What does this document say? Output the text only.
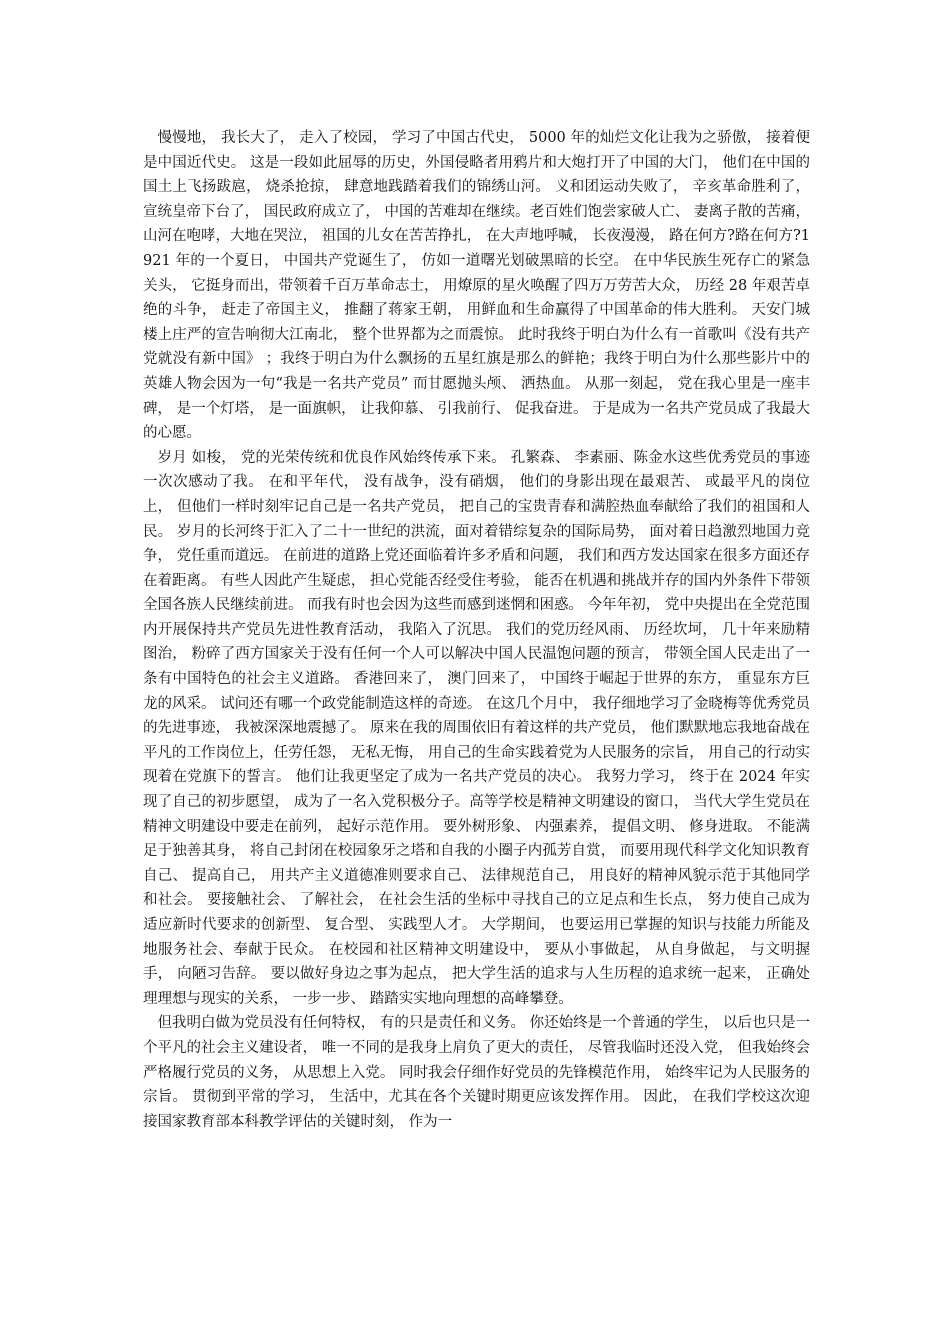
慢慢地， 我长大了， 走入了校园， 学习了中国古代史， 5000 年的灿烂文化让我为之骄傲， 接着便是中国近代史。 这是一段如此屈辱的历史，外国侵略者用鸦片和大炮打开了中国的大门， 他们在中国的国土上飞扬跋扈， 烧杀抢掠， 肆意地践踏着我们的锦绣山河。 义和团运动失败了， 辛亥革命胜利了， 宣统皇帝下台了， 国民政府成立了， 中国的苦难却在继续。老百姓们饱尝家破人亡、 妻离子散的苦痛， 山河在咆哮，大地在哭泣， 祖国的儿女在苦苦挣扎， 在大声地呼喊， 长夜漫漫， 路在何方?路在何方?1 921 年的一个夏日， 中国共产党诞生了， 仿如一道曙光划破黑暗的长空。 在中华民族生死存亡的紧急关头， 它挺身而出，带领着千百万革命志士， 用燎原的星火唤醒了四万万劳苦大众， 历经 28 年艰苦卓绝的斗争， 赶走了帝国主义， 推翻了蒋家王朝， 用鲜血和生命赢得了中国革命的伟大胜利。 天安门城楼上庄严的宣告响彻大江南北， 整个世界都为之而震惊。 此时我终于明白为什么有一首歌叫《没有共产党就没有新中国》 ；我终于明白为什么飘扬的五星红旗是那么的鲜艳；我终于明白为什么那些影片中的英雄人物会因为一句“我是一名共产党员” 而甘愿抛头颅、 洒热血。 从那一刻起， 党在我心里是一座丰碑， 是一个灯塔， 是一面旗帜， 让我仰慕、 引我前行、 促我奋进。 于是成为一名共产党员成了我最大的心愿。

岁月 如梭， 党的光荣传统和优良作风始终传承下来。 孔繁森、 李素丽、陈金水这些优秀党员的事迹一次次感动了我。 在和平年代， 没有战争，没有硝烟， 他们的身影出现在最艰苦、 或最平凡的岗位上， 但他们一样时刻牢记自己是一名共产党员， 把自己的宝贵青春和满腔热血奉献给了我们的祖国和人民。 岁月的长河终于汇入了二十一世纪的洪流，面对着错综复杂的国际局势， 面对着日趋激烈地国力竞争， 党任重而道远。 在前进的道路上党还面临着许多矛盾和问题， 我们和西方发达国家在很多方面还存在着距离。 有些人因此产生疑虑， 担心党能否经受住考验， 能否在机遇和挑战并存的国内外条件下带领全国各族人民继续前进。 而我有时也会因为这些而感到迷惘和困惑。 今年年初， 党中央提出在全党范围内开展保持共产党员先进性教育活动， 我陷入了沉思。 我们的党历经风雨、 历经坎坷， 几十年来励精图治， 粉碎了西方国家关于没有任何一个人可以解决中国人民温饱问题的预言， 带领全国人民走出了一条有中国特色的社会主义道路。 香港回来了， 澳门回来了， 中国终于崛起于世界的东方， 重显东方巨龙的风采。 试问还有哪一个政党能制造这样的奇迹。 在这几个月中， 我仔细地学习了金晓梅等优秀党员的先进事迹， 我被深深地震撼了。 原来在我的周围依旧有着这样的共产党员， 他们默默地忘我地奋战在平凡的工作岗位上，任劳任怨， 无私无悔， 用自己的生命实践着党为人民服务的宗旨， 用自己的行动实现着在党旗下的誓言。 他们让我更坚定了成为一名共产党员的决心。 我努力学习， 终于在 2024 年实现了自己的初步愿望， 成为了一名入党积极分子。高等学校是精神文明建设的窗口， 当代大学生党员在精神文明建设中要走在前列， 起好示范作用。 要外树形象、 内强素养， 提倡文明、 修身进取。 不能满足于独善其身， 将自己封闭在校园象牙之塔和自我的小圈子内孤芳自赏， 而要用现代科学文化知识教育自己、 提高自己， 用共产主义道德准则要求自己、 法律规范自己， 用良好的精神风貌示范于其他同学和社会。 要接触社会、 了解社会， 在社会生活的坐标中寻找自己的立足点和生长点， 努力使自己成为适应新时代要求的创新型、 复合型、 实践型人才。 大学期间， 也要运用已掌握的知识与技能力所能及地服务社会、奉献于民众。 在校园和社区精神文明建设中， 要从小事做起， 从自身做起， 与文明握手， 向陋习告辞。 要以做好身边之事为起点， 把大学生活的追求与人生历程的追求统一起来， 正确处理理想与现实的关系， 一步一步、 踏踏实实地向理想的高峰攀登。

但我明白做为党员没有任何特权， 有的只是责任和义务。 你还始终是一个普通的学生， 以后也只是一个平凡的社会主义建设者， 唯一不同的是我身上肩负了更大的责任， 尽管我临时还没入党， 但我始终会严格履行党员的义务， 从思想上入党。 同时我会仔细作好党员的先锋模范作用， 始终牢记为人民服务的宗旨。 贯彻到平常的学习， 生活中，尤其在各个关键时期更应该发挥作用。 因此， 在我们学校这次迎接国家教育部本科教学评估的关键时刻， 作为一
